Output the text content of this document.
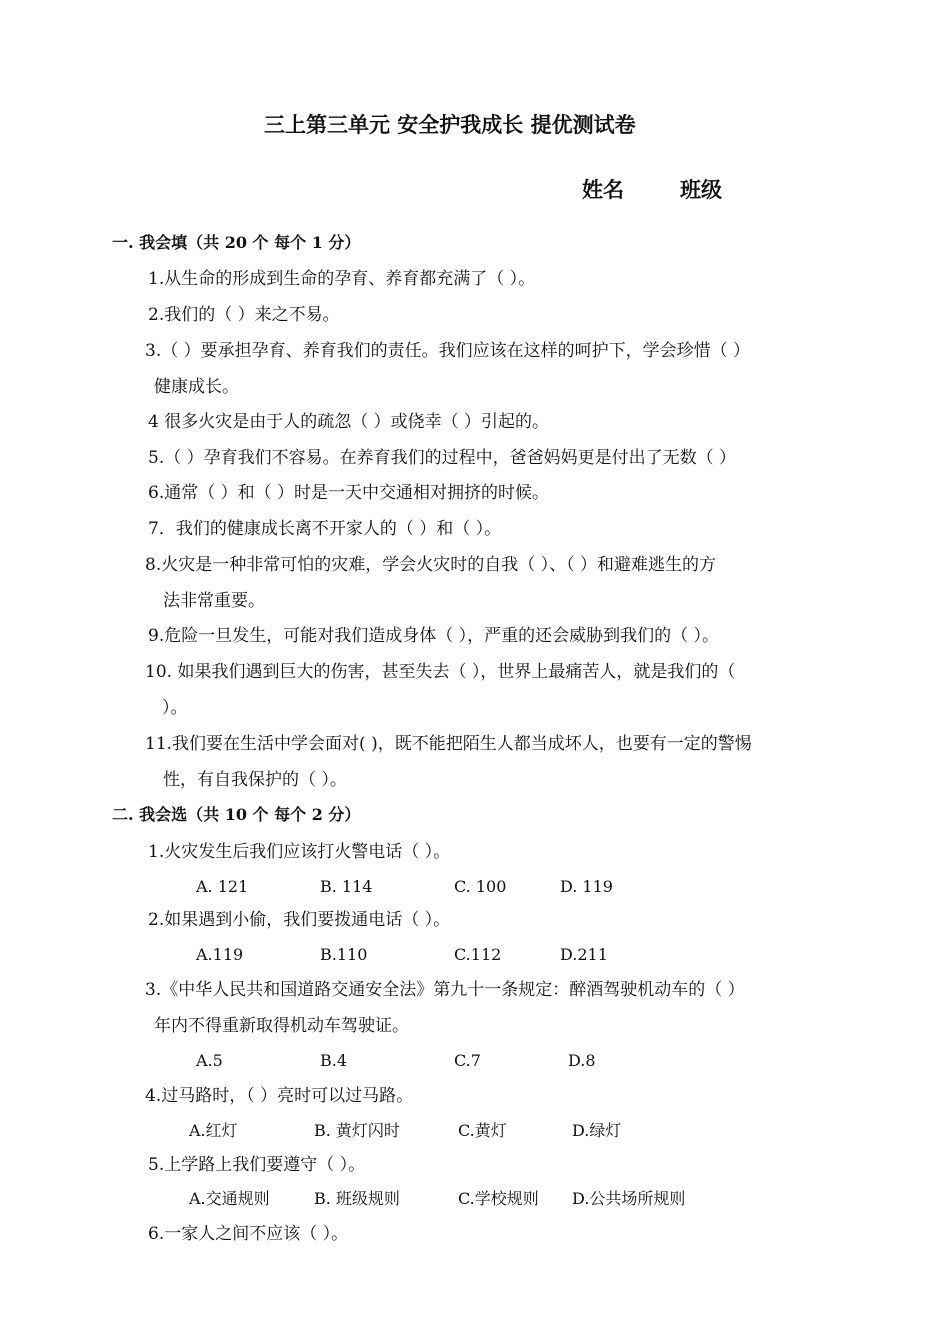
三上第三单元 安全护我成长 提优测试卷
姓名	班级
一. 我会填（共 20 个 每个 1 分）
1.从生命的形成到生命的孕育、养育都充满了（ ）。
2.我们的（ ）来之不易。
3.（ ）要承担孕育、养育我们的责任。我们应该在这样的呵护下，学会珍惜（ ）
健康成长。
4 很多火灾是由于人的疏忽（ ）或侥幸（ ）引起的。
5.（ ）孕育我们不容易。在养育我们的过程中，爸爸妈妈更是付出了无数（ ）
6.通常（ ）和（ ）时是一天中交通相对拥挤的时候。
7．我们的健康成长离不开家人的（ ）和（ ）。
8.火灾是一种非常可怕的灾难，学会火灾时的自我（ ）、（ ）和避难逃生的方
法非常重要。
9.危险一旦发生，可能对我们造成身体（ ），严重的还会威胁到我们的（ ）。
10. 如果我们遇到巨大的伤害，甚至失去（ ），世界上最痛苦人，就是我们的（
）。
11.我们要在生活中学会面对( )，既不能把陌生人都当成坏人，也要有一定的警惕
性，有自我保护的（ ）。
二. 我会选（共 10 个 每个 2 分）
1.火灾发生后我们应该打火警电话（ ）。
A. 121	B. 114	C. 100	D. 119
2.如果遇到小偷，我们要拨通电话（ ）。
A.119	B.110	C.112	D.211
3.《中华人民共和国道路交通安全法》第九十一条规定：醉酒驾驶机动车的（ ）
年内不得重新取得机动车驾驶证。
A.5	B.4	C.7	D.8
4.过马路时，（ ）亮时可以过马路。
A.红灯	B. 黄灯闪时	C.黄灯	D.绿灯
5.上学路上我们要遵守（ ）。
A.交通规则	B. 班级规则	C.学校规则 D.公共场所规则
6.一家人之间不应该（ ）。
